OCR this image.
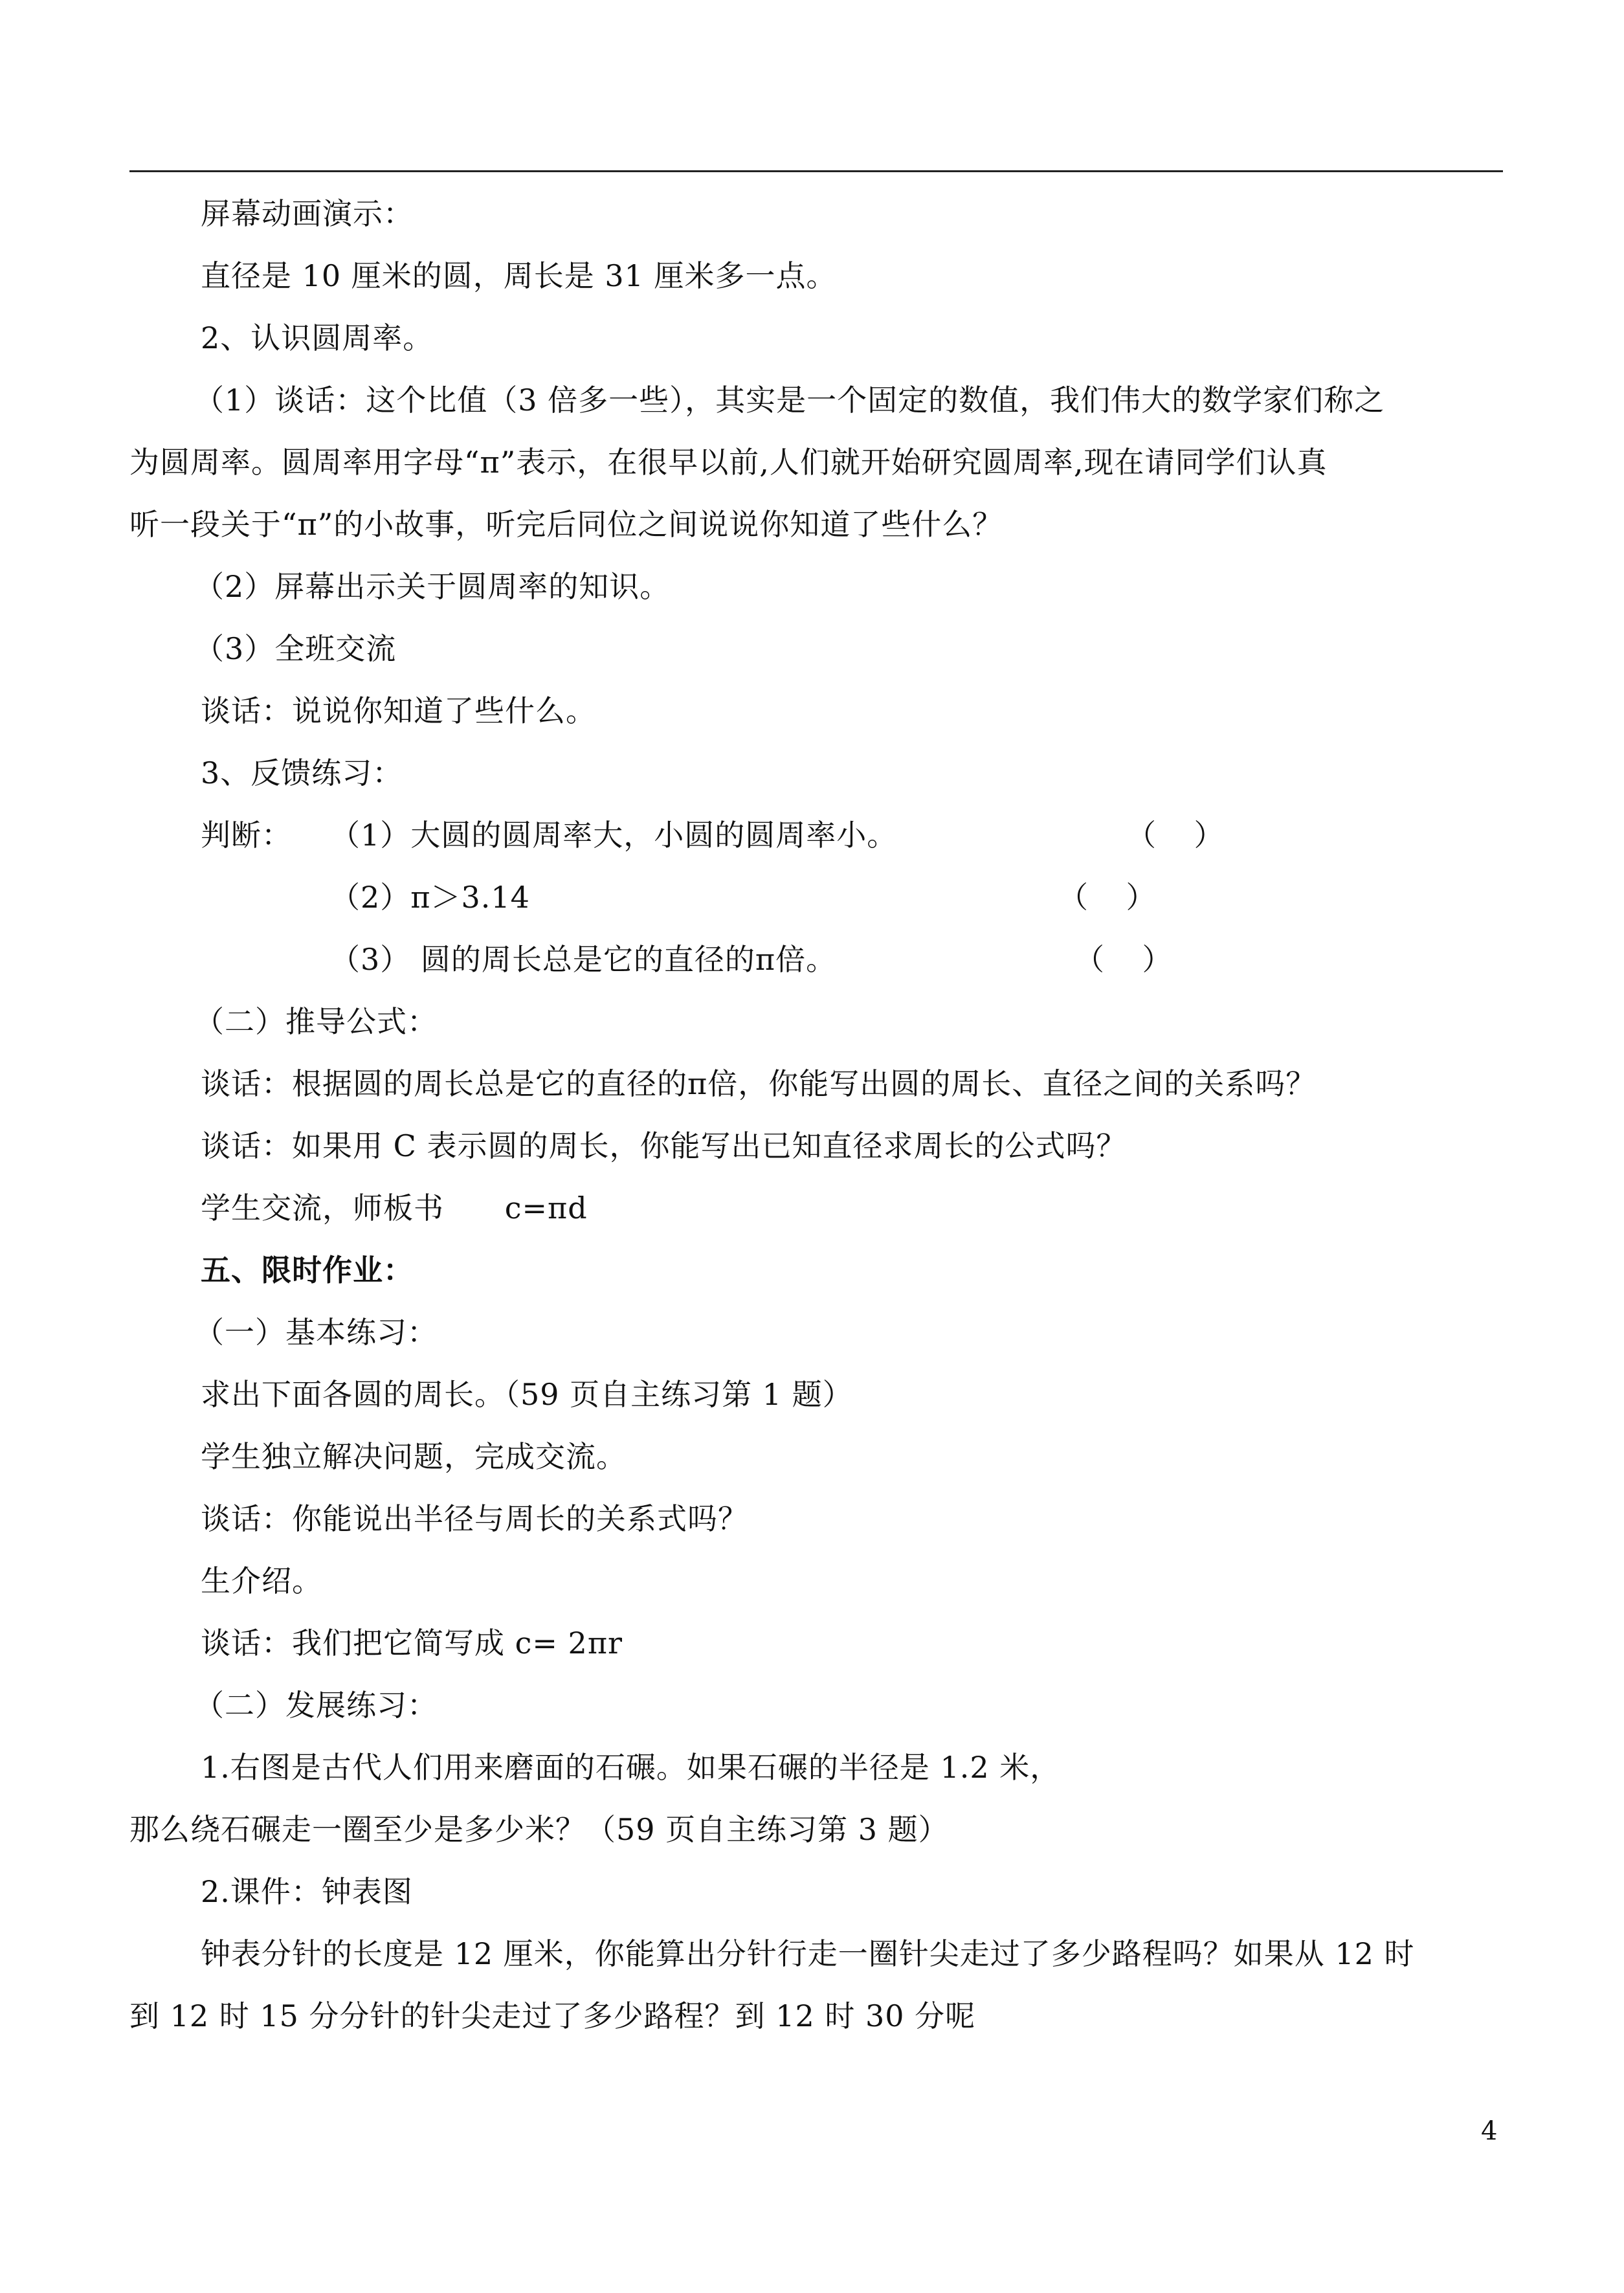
屏幕动画演示：
直径是 10 厘米的圆，周长是 31 厘米多一点。
2、认识圆周率。
（1）谈话：这个比值（3 倍多一些），其实是一个固定的数值，我们伟大的数学家们称之
为圆周率。圆周率用字母“π”表示，在很早以前,人们就开始研究圆周率,现在请同学们认真
听一段关于“π”的小故事，听完后同位之间说说你知道了些什么？
（2）屏幕出示关于圆周率的知识。
（3）全班交流
谈话：说说你知道了些什么。
3、反馈练习：
判断： （1）大圆的圆周率大，小圆的圆周率小。	（    ）
（2）π＞3.14	（    ）
（3） 圆的周长总是它的直径的π倍。	（    ）
（二）推导公式：
谈话：根据圆的周长总是它的直径的π倍，你能写出圆的周长、直径之间的关系吗？
谈话：如果用 C 表示圆的周长，你能写出已知直径求周长的公式吗？
学生交流，师板书      c=πd
五、限时作业：
（一）基本练习：
求出下面各圆的周长。（59 页自主练习第 1 题）
学生独立解决问题，完成交流。
谈话：你能说出半径与周长的关系式吗？
生介绍。
谈话：我们把它简写成 c= 2πr
（二）发展练习：
1.右图是古代人们用来磨面的石碾。如果石碾的半径是 1.2 米，
那么绕石碾走一圈至少是多少米？（59 页自主练习第 3 题）
2.课件：钟表图
钟表分针的长度是 12 厘米，你能算出分针行走一圈针尖走过了多少路程吗？如果从 12 时
到 12 时 15 分分针的针尖走过了多少路程？到 12 时 30 分呢
4
